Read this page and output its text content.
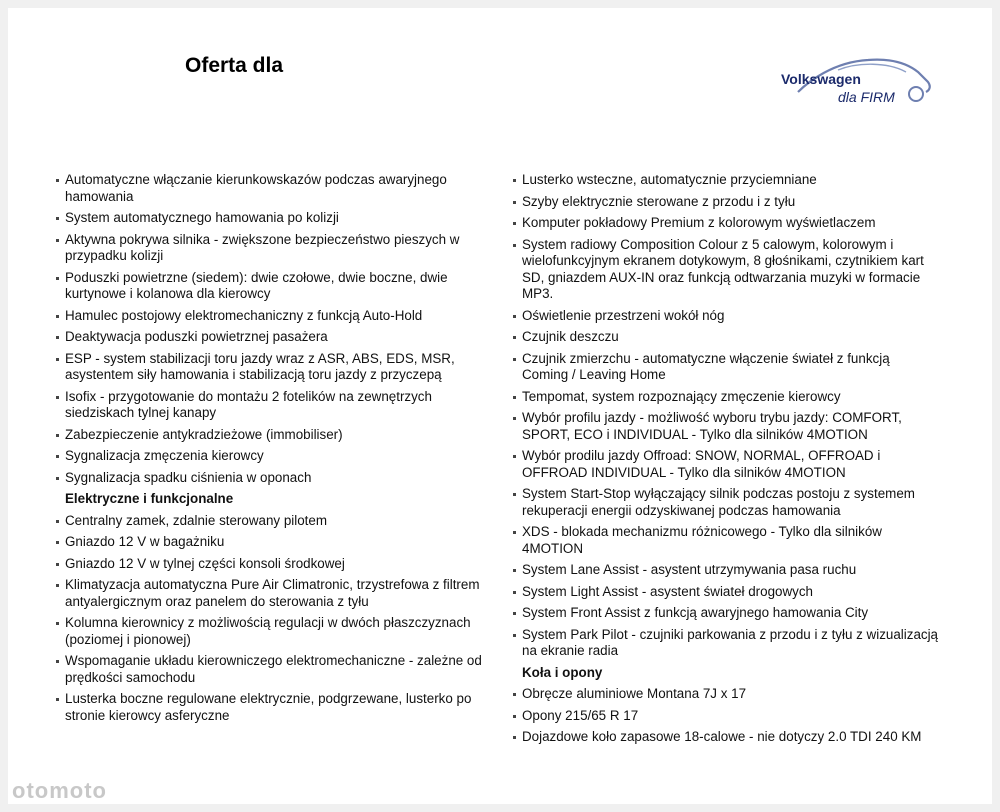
Oferta dla
Volkswagen
dla FIRM
Automatyczne włączanie kierunkowskazów podczas awaryjnego hamowania
System automatycznego hamowania po kolizji
Aktywna pokrywa silnika - zwiększone bezpieczeństwo pieszych w przypadku kolizji
Poduszki powietrzne (siedem): dwie czołowe, dwie boczne, dwie kurtynowe i kolanowa dla kierowcy
Hamulec postojowy elektromechaniczny z funkcją Auto-Hold
Deaktywacja poduszki powietrznej pasażera
ESP - system stabilizacji toru jazdy wraz z ASR, ABS, EDS, MSR, asystentem siły hamowania i stabilizacją toru jazdy z przyczepą
Isofix - przygotowanie do montażu 2 fotelików na zewnętrzych siedziskach tylnej kanapy
Zabezpieczenie antykradzieżowe (immobiliser)
Sygnalizacja zmęczenia kierowcy
Sygnalizacja spadku ciśnienia w oponach
Elektryczne i funkcjonalne
Centralny zamek, zdalnie sterowany pilotem
Gniazdo 12 V w bagażniku
Gniazdo 12 V w tylnej części konsoli środkowej
Klimatyzacja automatyczna Pure Air Climatronic, trzystrefowa z filtrem antyalergicznym oraz panelem do sterowania z tyłu
Kolumna kierownicy z możliwością regulacji w dwóch płaszczyznach (poziomej i pionowej)
Wspomaganie układu kierowniczego elektromechaniczne - zależne od prędkości samochodu
Lusterka boczne regulowane elektrycznie, podgrzewane, lusterko po stronie kierowcy asferyczne
Lusterko wsteczne, automatycznie przyciemniane
Szyby elektrycznie sterowane z przodu i z tyłu
Komputer pokładowy Premium z kolorowym wyświetlaczem
System radiowy Composition Colour z 5 calowym, kolorowym i wielofunkcyjnym ekranem dotykowym, 8 głośnikami, czytnikiem kart SD, gniazdem AUX-IN oraz funkcją odtwarzania muzyki w formacie MP3.
Oświetlenie przestrzeni wokół nóg
Czujnik deszczu
Czujnik zmierzchu - automatyczne włączenie świateł z funkcją Coming / Leaving Home
Tempomat, system rozpoznający zmęczenie kierowcy
Wybór profilu jazdy - możliwość wyboru trybu jazdy: COMFORT, SPORT, ECO i INDIVIDUAL - Tylko dla silników 4MOTION
Wybór prodilu jazdy Offroad: SNOW, NORMAL, OFFROAD i OFFROAD INDIVIDUAL - Tylko dla silników 4MOTION
System Start-Stop wyłączający silnik podczas postoju z systemem rekuperacji energii odzyskiwanej podczas hamowania
XDS - blokada mechanizmu różnicowego - Tylko dla silników 4MOTION
System Lane Assist - asystent utrzymywania pasa ruchu
System Light Assist - asystent świateł drogowych
System Front Assist z funkcją awaryjnego hamowania City
System Park Pilot - czujniki parkowania z przodu i z tyłu z wizualizacją na ekranie radia
Koła i opony
Obręcze aluminiowe Montana 7J x 17
Opony 215/65 R 17
Dojazdowe koło zapasowe 18-calowe - nie dotyczy 2.0 TDI 240 KM
otomoto
